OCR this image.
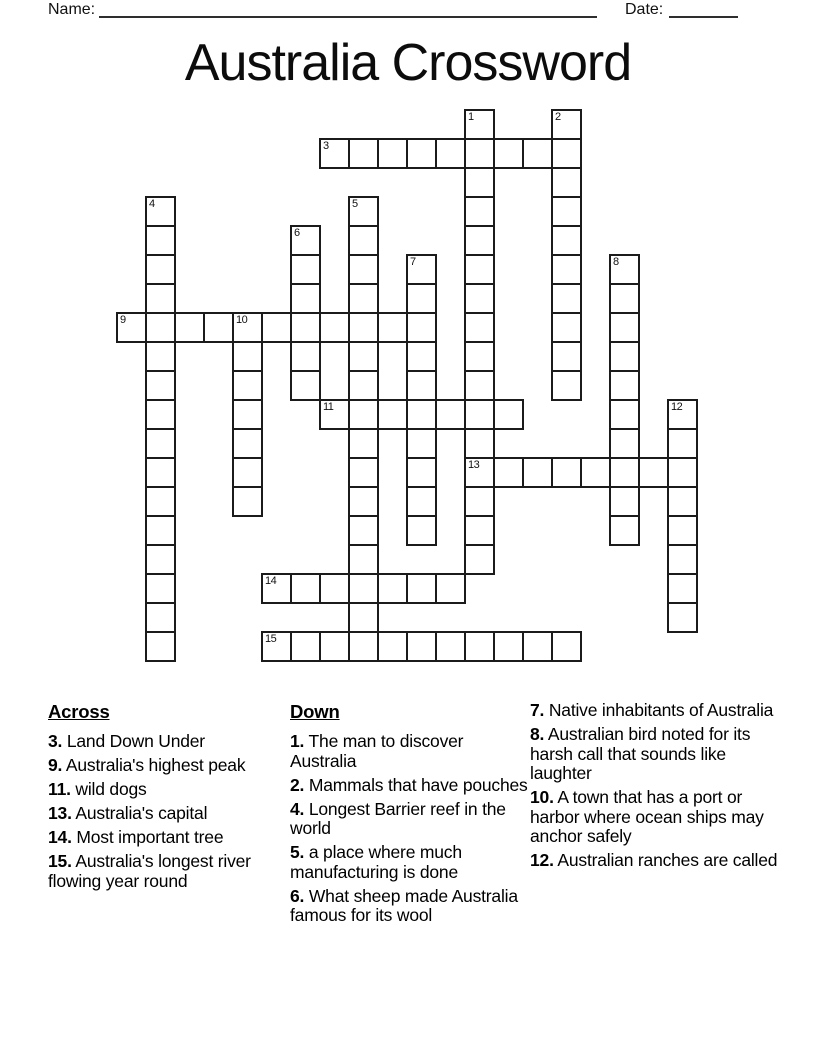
Name:	Date:
Australia Crossword
1
13
2
3
4	5
6
7	8
9	10
11	12
14
15

Across

3. Land Down Under

9. Australia's highest peak

11. wild dogs

13. Australia's capital

14. Most important tree

15. Australia's longest river flowing year round

Down

1. The man to discover Australia

2. Mammals that have pouches

4. Longest Barrier reef in the world

5. a place where much manufacturing is done

6. What sheep made Australia famous for its wool

7. Native inhabitants of Australia

8. Australian bird noted for its harsh call that sounds like laughter

10. A town that has a port or harbor where ocean ships may anchor safely

12. Australian ranches are called
